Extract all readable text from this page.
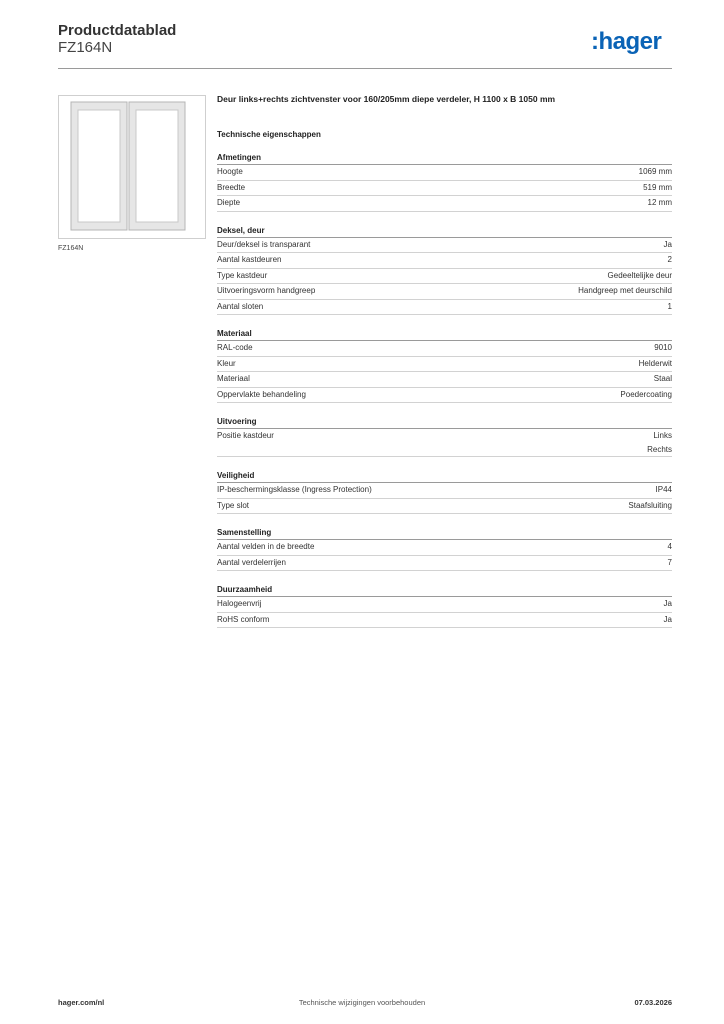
Productdatablad
FZ164N	:hager
FZ164N
Deur links+rechts zichtvenster voor 160/205mm diepe verdeler, H 1100 x B 1050 mm
Technische eigenschappen
Afmetingen
Hoogte	1069 mm
Breedte	519 mm
Diepte	12 mm
Deksel, deur
Deur/deksel is transparant	Ja
Aantal kastdeuren	2
Type kastdeur	Gedeeltelijke deur
Uitvoeringsvorm handgreep	Handgreep met deurschild
Aantal sloten	1
Materiaal
RAL-code	9010
Kleur	Helderwit
Materiaal	Staal
Oppervlakte behandeling	Poedercoating
Uitvoering
Positie kastdeur	Links
Rechts
Veiligheid
IP-beschermingsklasse (Ingress Protection)	IP44
Type slot	Staafsluiting
Samenstelling
Aantal velden in de breedte	4
Aantal verdelerrijen	7
Duurzaamheid
Halogeenvrij	Ja
RoHS conform	Ja
hager.com/nl	Technische wijzigingen voorbehouden	07.03.2026
